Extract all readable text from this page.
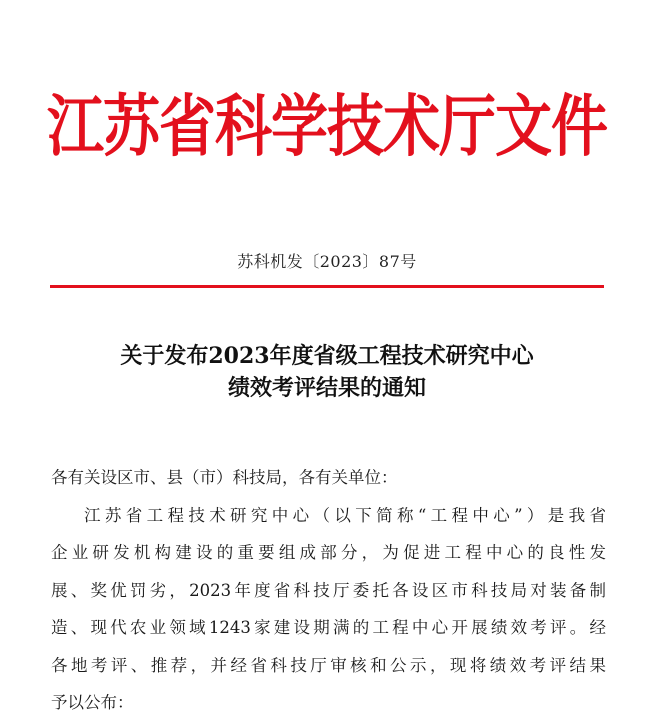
江苏省科学技术厅文件
苏科机发〔2023〕87号
关于发布2023年度省级工程技术研究中心
绩效考评结果的通知
各有关设区市、县（市）科技局，各有关单位：
江苏省工程技术研究中心（以下简称“工程中心”）是我省
企业研发机构建设的重要组成部分，为促进工程中心的良性发
展、奖优罚劣，2023年度省科技厅委托各设区市科技局对装备制
造、现代农业领域1243家建设期满的工程中心开展绩效考评。经
各地考评、推荐，并经省科技厅审核和公示，现将绩效考评结果
予以公布：
